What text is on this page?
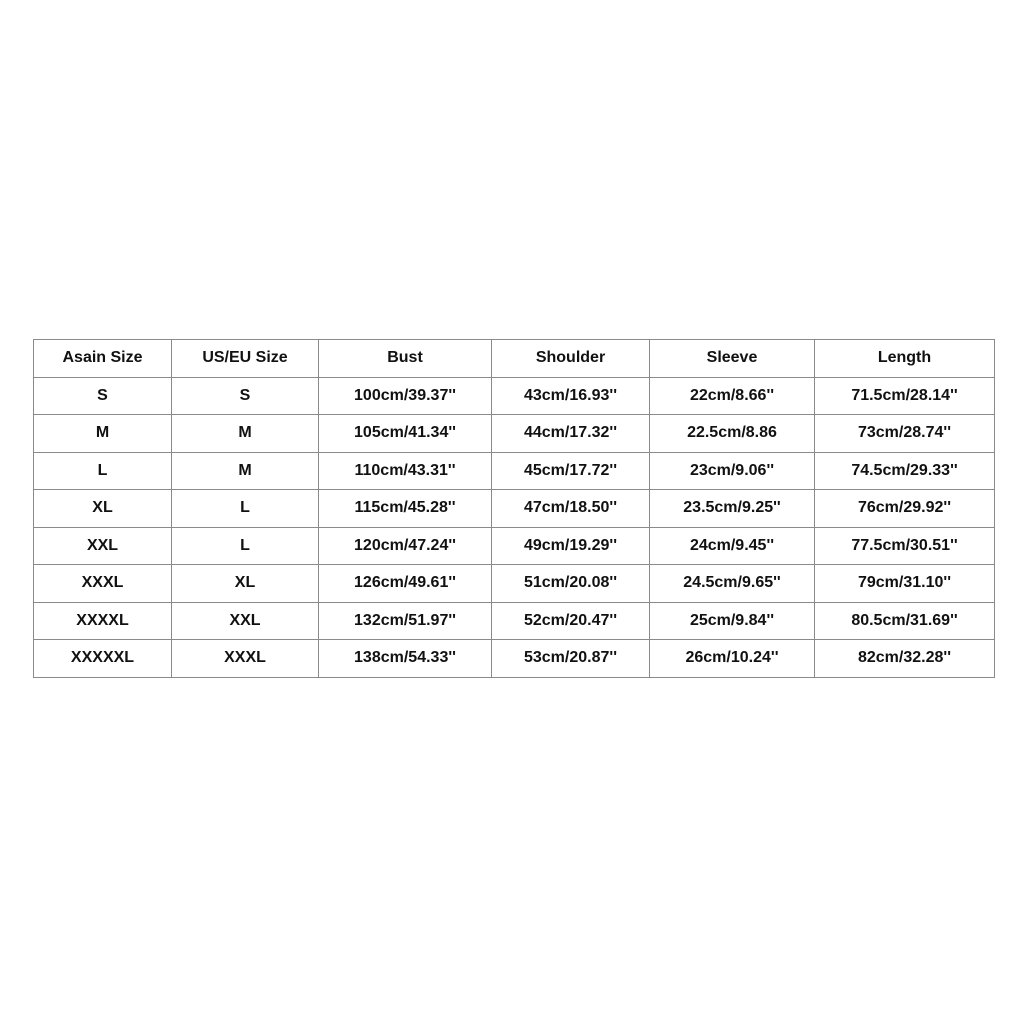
Asain Size	US/EU Size	Bust	Shoulder	Sleeve	Length
S	S	100cm/39.37''	43cm/16.93''	22cm/8.66''	71.5cm/28.14''
M	M	105cm/41.34''	44cm/17.32''	22.5cm/8.86	73cm/28.74''
L	M	110cm/43.31''	45cm/17.72''	23cm/9.06''	74.5cm/29.33''
XL	L	115cm/45.28''	47cm/18.50''	23.5cm/9.25''	76cm/29.92''
XXL	L	120cm/47.24''	49cm/19.29''	24cm/9.45''	77.5cm/30.51''
XXXL	XL	126cm/49.61''	51cm/20.08''	24.5cm/9.65''	79cm/31.10''
XXXXL	XXL	132cm/51.97''	52cm/20.47''	25cm/9.84''	80.5cm/31.69''
XXXXXL	XXXL	138cm/54.33''	53cm/20.87''	26cm/10.24''	82cm/32.28''
